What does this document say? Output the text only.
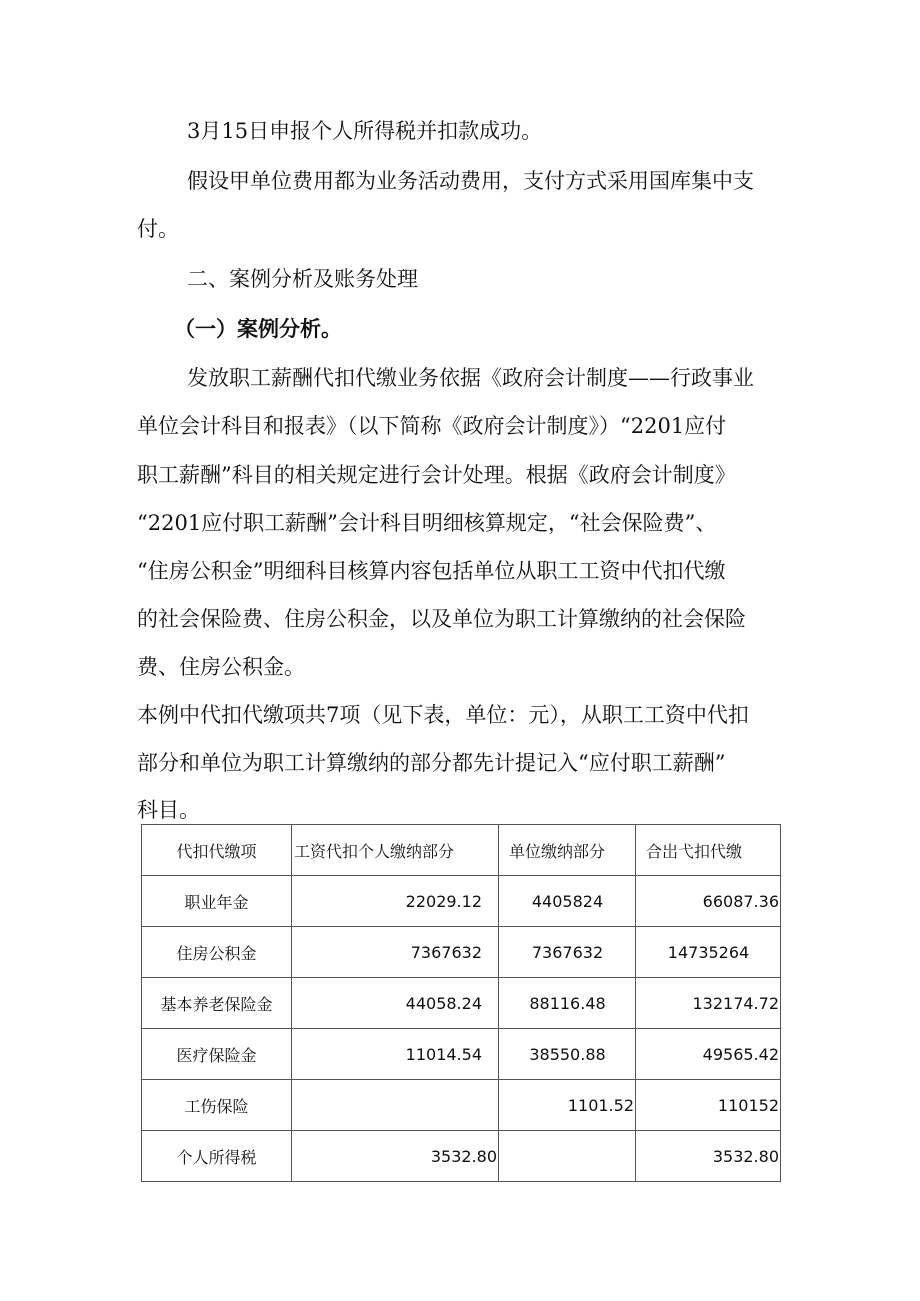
3月15日申报个人所得税并扣款成功。
假设甲单位费用都为业务活动费用，支付方式采用国库集中支
付。
二、案例分析及账务处理
（一）案例分析。
发放职工薪酬代扣代缴业务依据《政府会计制度——行政事业
单位会计科目和报表》（以下简称《政府会计制度》）“2201应付
职工薪酬”科目的相关规定进行会计处理。根据《政府会计制度》
“2201应付职工薪酬”会计科目明细核算规定，“社会保险费”、
“住房公积金”明细科目核算内容包括单位从职工工资中代扣代缴
的社会保险费、住房公积金，以及单位为职工计算缴纳的社会保险
费、住房公积金。
本例中代扣代缴项共7项（见下表，单位：元），从职工工资中代扣
部分和单位为职工计算缴纳的部分都先计提记入“应付职工薪酬”
科目。
代扣代缴项	工资代扣个人缴纳部分	单位缴纳部分	合岀弋扣代缴
职业年金	22029.12	4405824	66087.36
住房公积金	7367632	7367632	14735264
基本养老保险金	44058.24	88116.48	132174.72
医疗保险金	11014.54	38550.88	49565.42
工伤保险		1101.52	110152
个人所得税	3532.80		3532.80
